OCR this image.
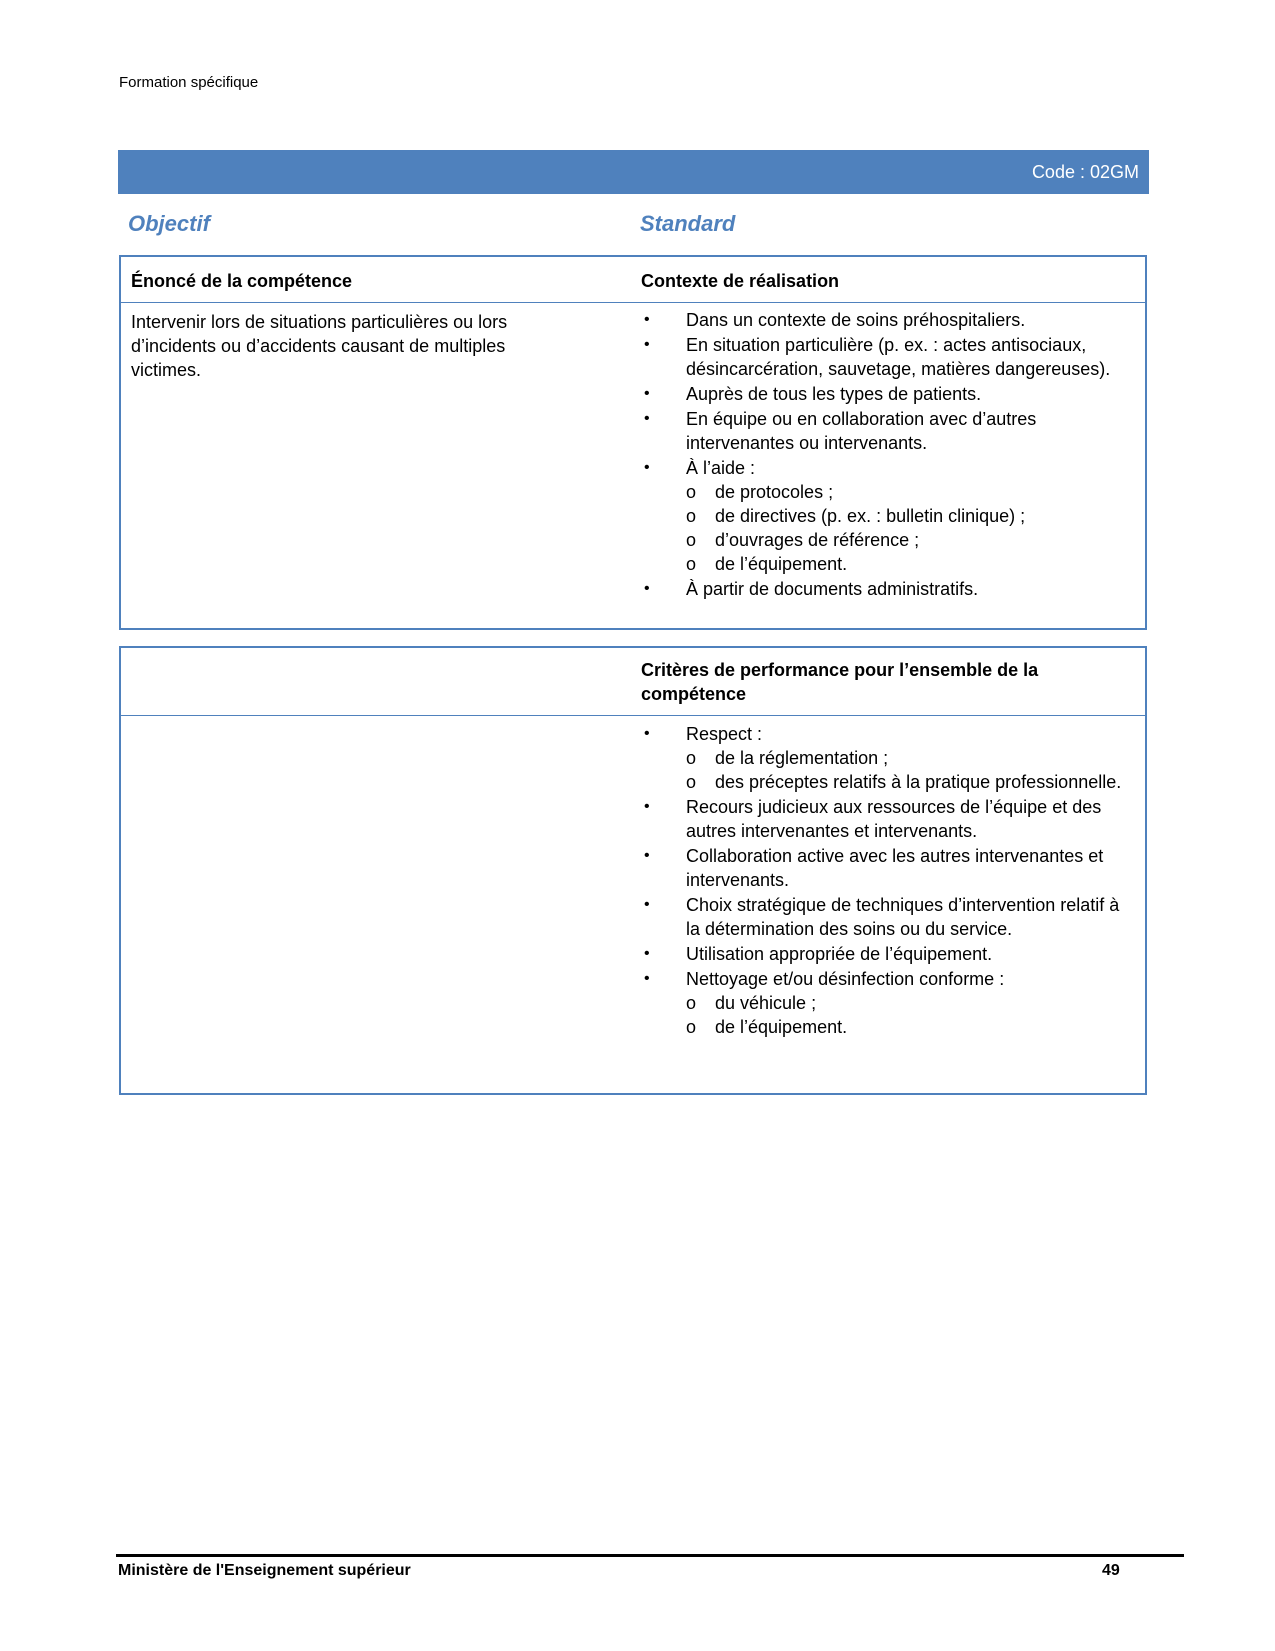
Formation spécifique
Code : 02GM
Objectif	Standard
Énoncé de la compétence	Contexte de réalisation
Intervenir lors de situations particulières ou lors d’incidents ou d’accidents causant de multiples victimes.
• Dans un contexte de soins préhospitaliers.
• En situation particulière (p. ex. : actes antisociaux, désincarcération, sauvetage, matières dangereuses).
• Auprès de tous les types de patients.
• En équipe ou en collaboration avec d’autres intervenantes ou intervenants.
• À l’aide :
o de protocoles ;
o de directives (p. ex. : bulletin clinique) ;
o d’ouvrages de référence ;
o de l’équipement.
• À partir de documents administratifs.
Critères de performance pour l’ensemble de la compétence
• Respect :
o de la réglementation ;
o des préceptes relatifs à la pratique professionnelle.
• Recours judicieux aux ressources de l’équipe et des autres intervenantes et intervenants.
• Collaboration active avec les autres intervenantes et intervenants.
• Choix stratégique de techniques d’intervention relatif à la détermination des soins ou du service.
• Utilisation appropriée de l’équipement.
• Nettoyage et/ou désinfection conforme :
o du véhicule ;
o de l’équipement.
Ministère de l'Enseignement supérieur	49
